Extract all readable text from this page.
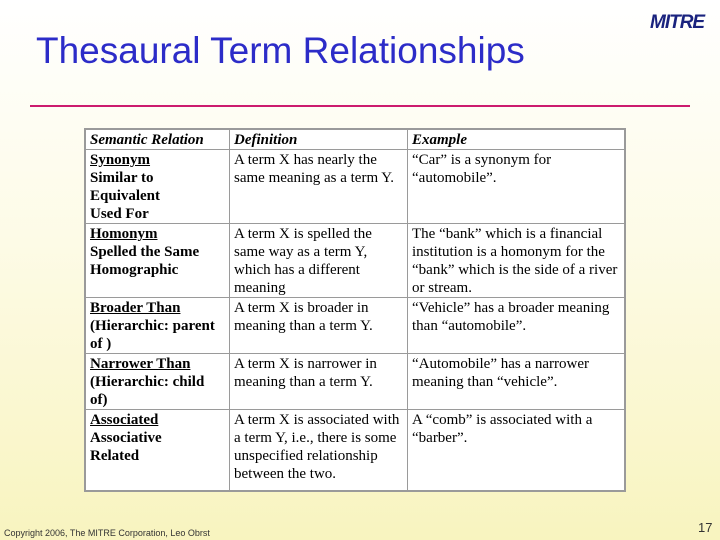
Thesaural Term Relationships
MITRE
Semantic Relation	Definition	Example

Synonym
Similar to
Equivalent
Used For	A term X has nearly the same meaning as a term Y.	“Car” is a synonym for “automobile”.

Homonym
Spelled the Same
Homographic	A term X is spelled the same way as a term Y, which has a different meaning	The “bank” which is a financial institution is a homonym for the “bank” which is the side of a river or stream.

Broader Than
(Hierarchic: parent of )	A term X is broader in meaning than a term Y.	“Vehicle” has a broader meaning than “automobile”.

Narrower Than
(Hierarchic: child of)	A term X is narrower in meaning than a term Y.	“Automobile” has a narrower meaning than “vehicle”.

Associated
Associative
Related	A term X is associated with a term Y, i.e., there is some unspecified relationship between the two.	A “comb” is associated with a “barber”.
Copyright 2006, The MITRE Corporation, Leo Obrst	17
